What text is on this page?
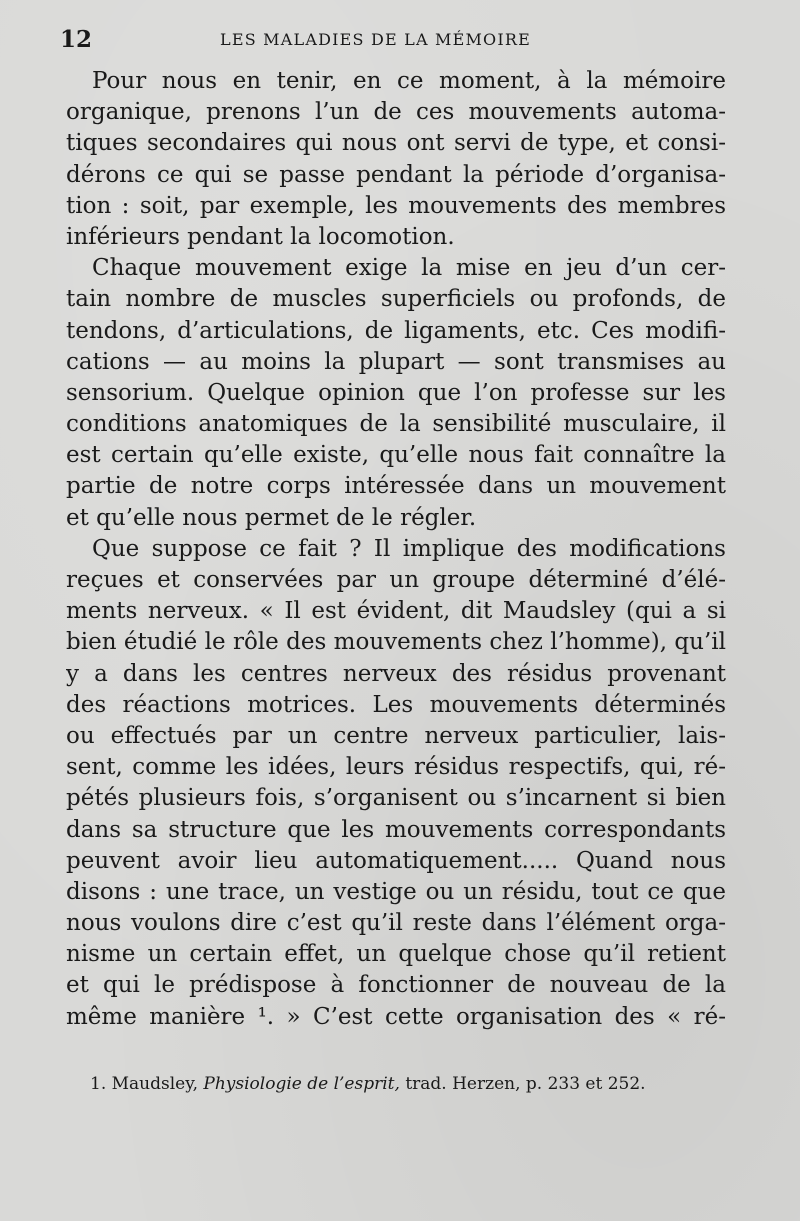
12	LES MALADIES DE LA MÉMOIRE
Pour nous en tenir, en ce moment, à la mémoire
organique, prenons l’un de ces mouvements automa-
tiques secondaires qui nous ont servi de type, et consi-
dérons ce qui se passe pendant la période d’organisa-
tion : soit, par exemple, les mouvements des membres
inférieurs pendant la locomotion.
Chaque mouvement exige la mise en jeu d’un cer-
tain nombre de muscles superficiels ou profonds, de
tendons, d’articulations, de ligaments, etc. Ces modifi-
cations — au moins la plupart — sont transmises au
sensorium. Quelque opinion que l’on professe sur les
conditions anatomiques de la sensibilité musculaire, il
est certain qu’elle existe, qu’elle nous fait connaître la
partie de notre corps intéressée dans un mouvement
et qu’elle nous permet de le régler.
Que suppose ce fait ? Il implique des modifications
reçues et conservées par un groupe déterminé d’élé-
ments nerveux. « Il est évident, dit Maudsley (qui a si
bien étudié le rôle des mouvements chez l’homme), qu’il
y a dans les centres nerveux des résidus provenant
des réactions motrices. Les mouvements déterminés
ou effectués par un centre nerveux particulier, lais-
sent, comme les idées, leurs résidus respectifs, qui, ré-
pétés plusieurs fois, s’organisent ou s’incarnent si bien
dans sa structure que les mouvements correspondants
peuvent avoir lieu automatiquement..... Quand nous
disons : une trace, un vestige ou un résidu, tout ce que
nous voulons dire c’est qu’il reste dans l’élément orga-
nisme un certain effet, un quelque chose qu’il retient
et qui le prédispose à fonctionner de nouveau de la
même manière ¹. » C’est cette organisation des « ré-
1. Maudsley, Physiologie de l’esprit, trad. Herzen, p. 233 et 252.
